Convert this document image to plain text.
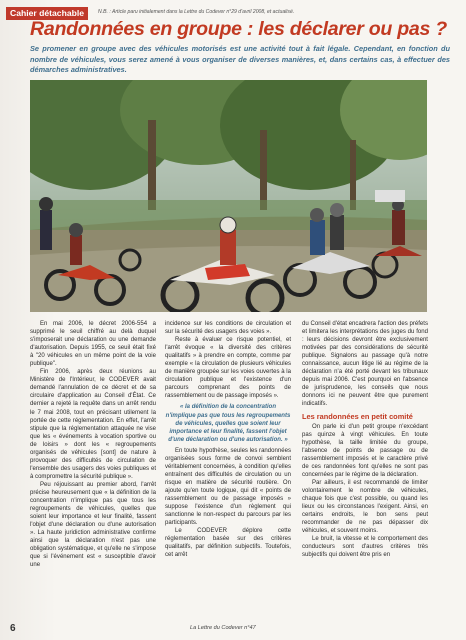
Cahier détachable	N.B. : Article paru initialement dans la Lettre du Codever n°29 d'avril 2008, et actualisé.
Randonnées en groupe : les déclarer ou pas ?
Se promener en groupe avec des véhicules motorisés est une activité tout à fait légale. Cependant, en fonction du nombre de véhicules, vous serez amené à vous organiser de diverses manières, et, dans certains cas, à effectuer des démarches administratives.

En mai 2006, le décret 2006-554 a supprimé le seuil chiffré au delà duquel s'imposerait une déclaration ou une demande d'autorisation. Depuis 1955, ce seuil était fixé à "20 véhicules en un même point de la voie publique".

Fin 2006, après deux réunions au Ministère de l'Intérieur, le CODEVER avait demandé l'annulation de ce décret et de sa circulaire d'application au Conseil d'État. Ce dernier a rejeté la requête dans un arrêt rendu le 7 mai 2008, tout en précisant utilement la portée de cette réglementation. En effet, l'arrêt stipule que la réglementation attaquée ne vise que les « événements à vocation sportive ou de loisirs » dont les « regroupements organisés de véhicules [sont] de nature à provoquer des difficultés de circulation de l'ensemble des usagers des voies publiques et à compromettre la sécurité publique ».

Peu réjouissant au premier abord, l'arrêt précise heureusement que « la définition de la concentration n'implique pas que tous les regroupements de véhicules, quelles que soient leur importance et leur finalité, fassent l'objet d'une déclaration ou d'une autorisation ». La haute juridiction administrative confirme ainsi que la déclaration n'est pas une obligation systématique, et qu'elle ne s'impose que si l'événement est « susceptible d'avoir une

incidence sur les conditions de circulation et sur la sécurité des usagers des voies ».

Reste à évaluer ce risque potentiel, et l'arrêt évoque « la diversité des critères qualitatifs » à prendre en compte, comme par exemple « la circulation de plusieurs véhicules de manière groupée sur les voies ouvertes à la circulation publique et l'existence d'un parcours comprenant des points de rassemblement ou de passage imposés ».

« la définition de la concentration n'implique pas que tous les regroupements de véhicules, quelles que soient leur importance et leur finalité, fassent l'objet d'une déclaration ou d'une autorisation. »

En toute hypothèse, seules les randonnées organisées sous forme de convoi semblent véritablement concernées, à condition qu'elles entraînent des difficultés de circulation ou un risque en matière de sécurité routière. On ajoute qu'en toute logique, qui dit « points de rassemblement ou de passage imposés » suppose l'existence d'un règlement qui sanctionne le non-respect du parcours par les participants.

Le CODEVER déplore cette réglementation basée sur des critères qualitatifs, par définition subjectifs. Toutefois, cet arrêt

du Conseil d'état encadrera l'action des préfets et limitera les interprétations des juges du fond : leurs décisions devront être exclusivement motivées par des considérations de sécurité publique. Signalons au passage qu'à notre connaissance, aucun litige lié au régime de la déclaration n'a été porté devant les tribunaux depuis mai 2006. C'est pourquoi en l'absence de jurisprudence, les conseils que nous donnons ici ne peuvent être que purement indicatifs.

Les randonnées en petit comité

On parle ici d'un petit groupe n'excédant pas quinze à vingt véhicules. En toute hypothèse, la taille limitée du groupe, l'absence de points de passage ou de rassemblement imposés et le caractère privé de ces randonnées font qu'elles ne sont pas concernées par le régime de la déclaration.

Par ailleurs, il est recommandé de limiter volontairement le nombre de véhicules, chaque fois que c'est possible, ou quand les lieux ou les circonstances l'exigent. Ainsi, en certains endroits, le bon sens peut recommander de ne pas dépasser dix véhicules, et souvent moins.

Le bruit, la vitesse et le comportement des conducteurs sont d'autres critères très subjectifs qui doivent être pris en

6	La Lettre du Codever n°47
